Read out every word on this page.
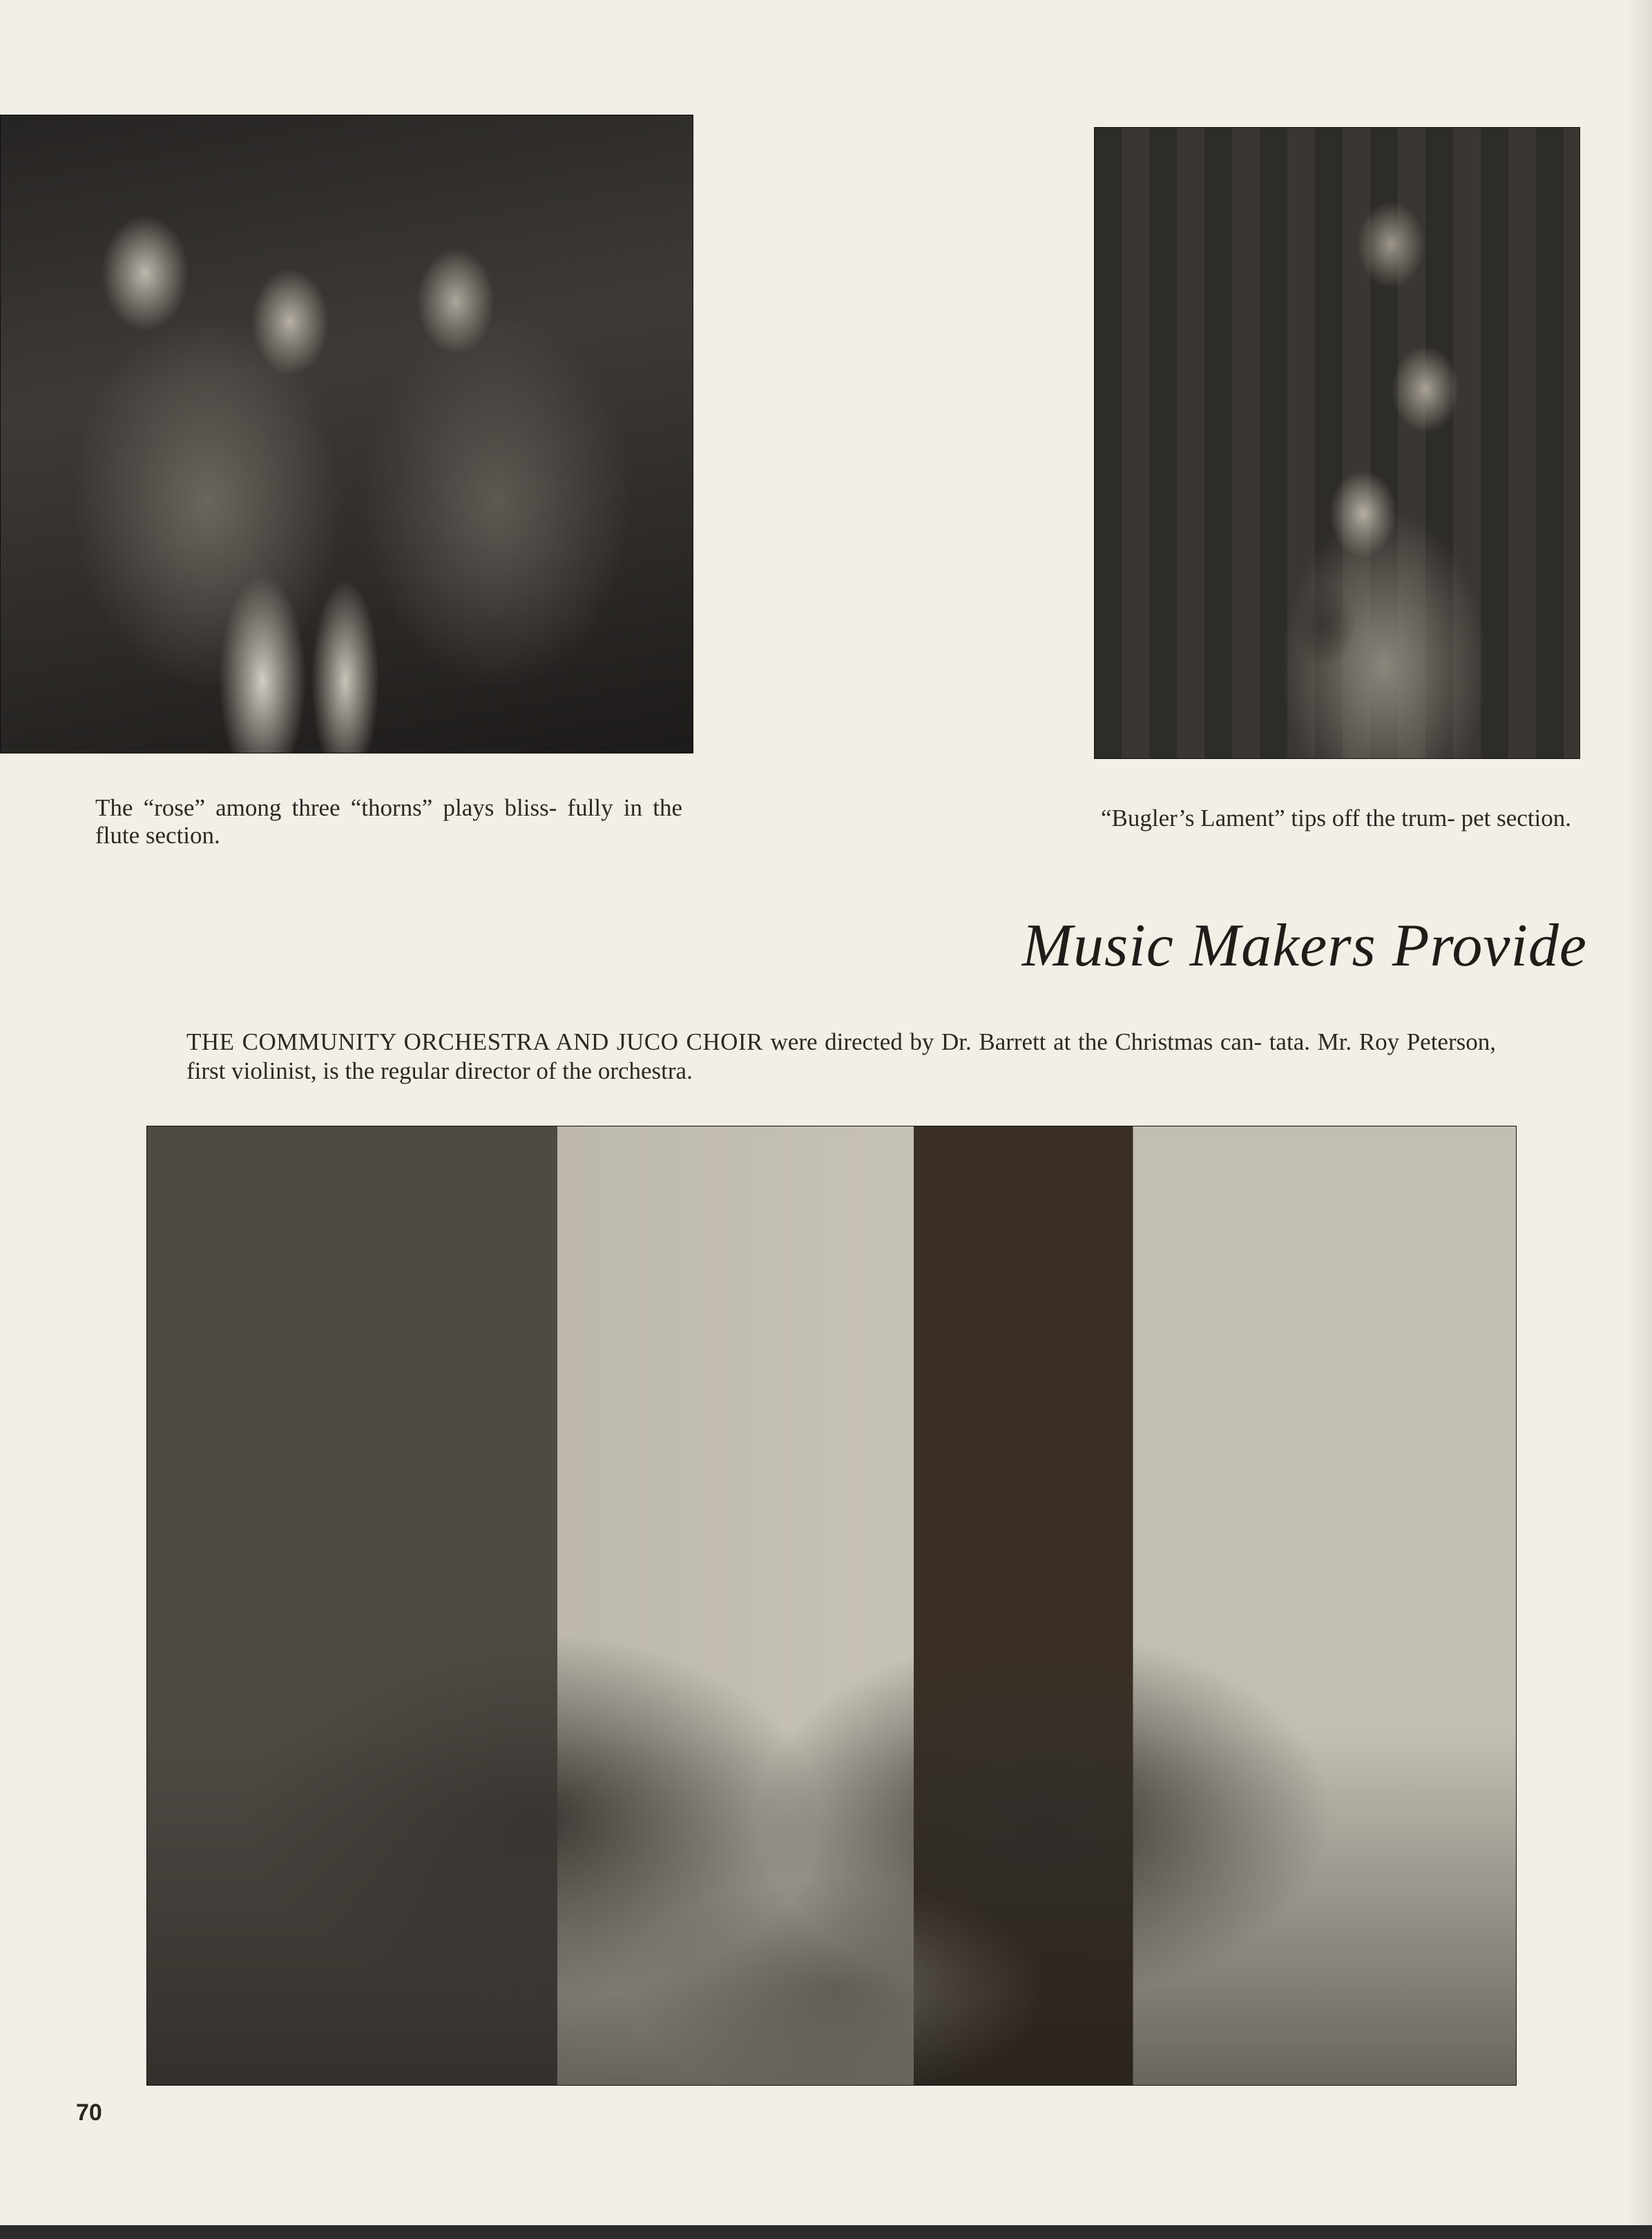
The “rose” among three “thorns” plays bliss- fully in the flute section.

“Bugler’s Lament” tips off the trum- pet section.

Music Makers Provide

THE COMMUNITY ORCHESTRA AND JUCO CHOIR were directed by Dr. Barrett at the Christmas can- tata. Mr. Roy Peterson, first violinist, is the regular director of the orchestra.

70
